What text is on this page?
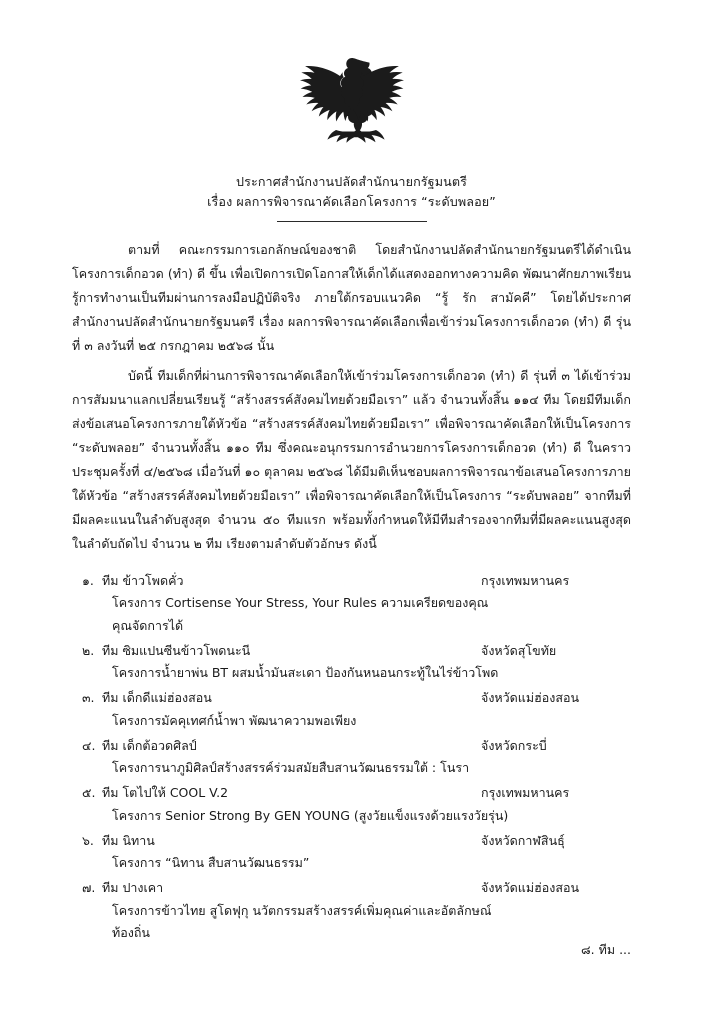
ประกาศสำนักงานปลัดสำนักนายกรัฐมนตรี
เรื่อง ผลการพิจารณาคัดเลือกโครงการ “ระดับพลอย”

ตามที่ คณะกรรมการเอกลักษณ์ของชาติ โดยสำนักงานปลัดสำนักนายกรัฐมนตรีได้ดำเนินโครงการเด็กอวด (ทำ) ดี ขึ้น เพื่อเปิดการเปิดโอกาสให้เด็กได้แสดงออกทางความคิด พัฒนาศักยภาพเรียนรู้การทำงานเป็นทีมผ่านการลงมือปฏิบัติจริง ภายใต้กรอบแนวคิด “รู้ รัก สามัคคี” โดยได้ประกาศสำนักงานปลัดสำนักนายกรัฐมนตรี เรื่อง ผลการพิจารณาคัดเลือกเพื่อเข้าร่วมโครงการเด็กอวด (ทำ) ดี รุ่นที่ ๓ ลงวันที่ ๒๕ กรกฎาคม ๒๕๖๘ นั้น

บัดนี้ ทีมเด็กที่ผ่านการพิจารณาคัดเลือกให้เข้าร่วมโครงการเด็กอวด (ทำ) ดี รุ่นที่ ๓ ได้เข้าร่วมการสัมมนาแลกเปลี่ยนเรียนรู้ “สร้างสรรค์สังคมไทยด้วยมือเรา” แล้ว จำนวนทั้งสิ้น ๑๑๔ ทีม โดยมีทีมเด็กส่งข้อเสนอโครงการภายใต้หัวข้อ “สร้างสรรค์สังคมไทยด้วยมือเรา” เพื่อพิจารณาคัดเลือกให้เป็นโครงการ “ระดับพลอย” จำนวนทั้งสิ้น ๑๑๐ ทีม ซึ่งคณะอนุกรรมการอำนวยการโครงการเด็กอวด (ทำ) ดี ในคราวประชุมครั้งที่ ๔/๒๕๖๘ เมื่อวันที่ ๑๐ ตุลาคม ๒๕๖๘ ได้มีมติเห็นชอบผลการพิจารณาข้อเสนอโครงการภายใต้หัวข้อ “สร้างสรรค์สังคมไทยด้วยมือเรา” เพื่อพิจารณาคัดเลือกให้เป็นโครงการ “ระดับพลอย” จากทีมที่มีผลคะแนนในลำดับสูงสุด จำนวน ๕๐ ทีมแรก พร้อมทั้งกำหนดให้มีทีมสำรองจากทีมที่มีผลคะแนนสูงสุดในลำดับถัดไป จำนวน ๒ ทีม เรียงตามลำดับตัวอักษร ดังนี้

๑. ทีม ข้าวโพดคั่ว	กรุงเทพมหานคร
โครงการ Cortisense Your Stress, Your Rules ความเครียดของคุณ
คุณจัดการได้
๒. ทีม ซิมแปนซีนข้าวโพดนะนี	จังหวัดสุโขทัย
โครงการน้ำยาพ่น BT ผสมน้ำมันสะเดา ป้องกันหนอนกระทู้ในไร่ข้าวโพด
๓. ทีม เด็กดีแม่ฮ่องสอน	จังหวัดแม่ฮ่องสอน
โครงการมัคคุเทศก์น้ำพา พัฒนาความพอเพียง
๔. ทีม เด็กต้อวดศิลป์	จังหวัดกระบี่
โครงการนาภูมิศิลป์สร้างสรรค์ร่วมสมัยสืบสานวัฒนธรรมใต้ : โนรา
๕. ทีม โตไปให้ COOL V.2	กรุงเทพมหานคร
โครงการ Senior Strong By GEN YOUNG (สูงวัยแข็งแรงด้วยแรงวัยรุ่น)
๖. ทีม นิทาน	จังหวัดกาฬสินธุ์
โครงการ “นิทาน สืบสานวัฒนธรรม”
๗. ทีม ปางเคา	จังหวัดแม่ฮ่องสอน
โครงการข้าวไทย สูโดฟุกุ นวัตกรรมสร้างสรรค์เพิ่มคุณค่าและอัตลักษณ์
ท้องถิ่น
๘. ทีม ...
